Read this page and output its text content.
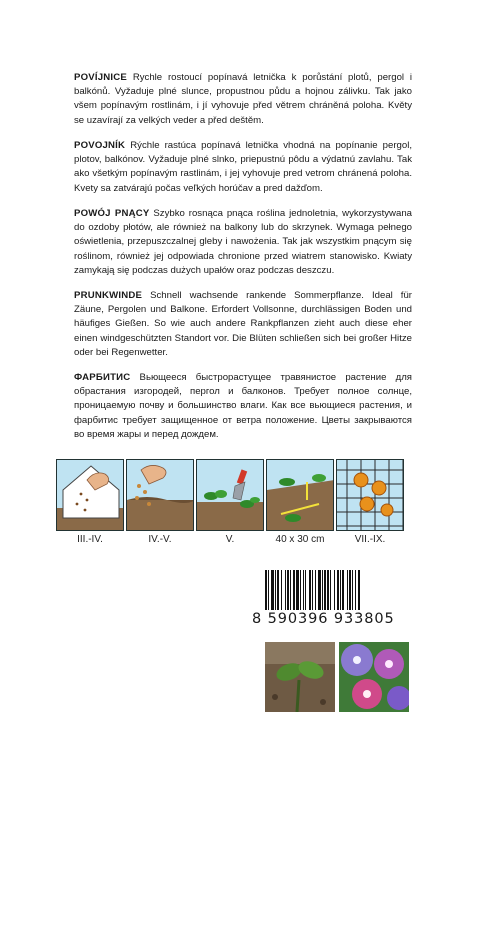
POVÍJNICE Rychle rostoucí popínavá letnička k porůstání plotů, pergol i balkónů. Vyžaduje plné slunce, propustnou půdu a hojnou zálivku. Tak jako všem popínavým rostlinám, i jí vyhovuje před větrem chráněná poloha. Květy se uzavírají za velkých veder a před deštěm.

POVOJNÍK Rýchle rastúca popínavá letnička vhodná na popínanie pergol, plotov, balkónov. Vyžaduje plné slnko, priepustnú pôdu a výdatnú zavlahu. Tak ako všetkým popínavým rastlinám, i jej vyhovuje pred vetrom chránená poloha. Kvety sa zatvárajú počas veľkých horúčav a pred dažďom.

POWÓJ PNĄCY Szybko rosnąca pnąca roślina jednoletnia, wykorzystywana do ozdoby płotów, ale również na balkony lub do skrzynek. Wymaga pełnego oświetlenia, przepuszczalnej gleby i nawożenia. Tak jak wszystkim pnącym się roślinom, również jej odpowiada chronione przed wiatrem stanowisko. Kwiaty zamykają się podczas dużych upałów oraz podczas deszczu.

PRUNKWINDE Schnell wachsende rankende Sommerpflanze. Ideal für Zäune, Pergolen und Balkone. Erfordert Vollsonne, durchlässigen Boden und häufiges Gießen. So wie auch andere Rankpflanzen zieht auch diese eher einen windgeschützten Standort vor. Die Blüten schließen sich bei großer Hitze oder bei Regenwetter.

ФАРБИТИС Вьющееся быстрорастущее травянистое растение для обрастания изгородей, пергол и балконов. Требует полное солнце, проницаемую почву и большинство влаги. Как все вьющиеся растения, и фарбитис требует защищенное от ветра положение. Цветы закрываются во время жары и перед дождем.

III.-IV.	IV.-V.	V.	40 x 30 cm	VII.-IX.
8 590396 933805
